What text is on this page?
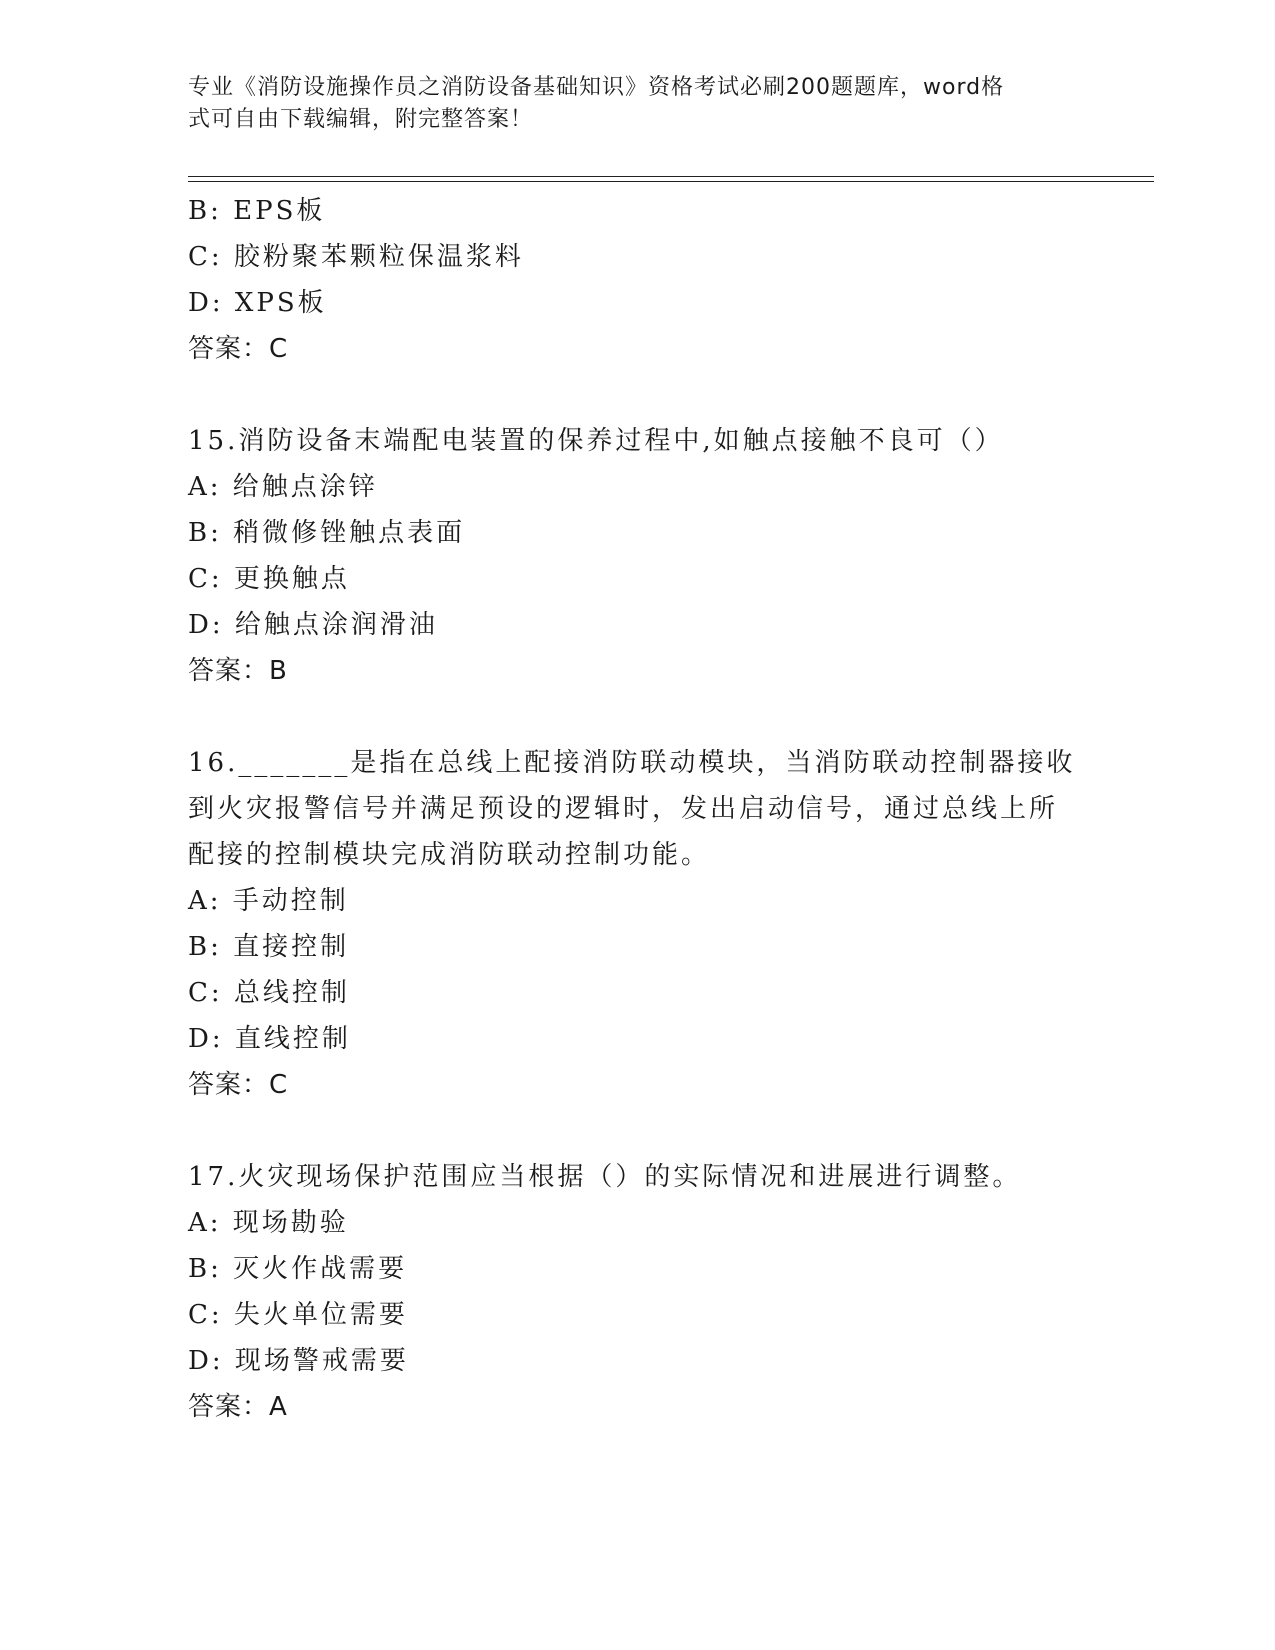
专业《消防设施操作员之消防设备基础知识》资格考试必刷200题题库，word格
式可自由下载编辑，附完整答案！
B: EPS板
C: 胶粉聚苯颗粒保温浆料
D: XPS板
答案：C
15.消防设备末端配电装置的保养过程中,如触点接触不良可（）
A: 给触点涂锌
B: 稍微修锉触点表面
C: 更换触点
D: 给触点涂润滑油
答案：B
16._______是指在总线上配接消防联动模块，当消防联动控制器接收
到火灾报警信号并满足预设的逻辑时，发出启动信号，通过总线上所
配接的控制模块完成消防联动控制功能。
A: 手动控制
B: 直接控制
C: 总线控制
D: 直线控制
答案：C
17.火灾现场保护范围应当根据（）的实际情况和进展进行调整。
A: 现场勘验
B: 灭火作战需要
C: 失火单位需要
D: 现场警戒需要
答案：A
